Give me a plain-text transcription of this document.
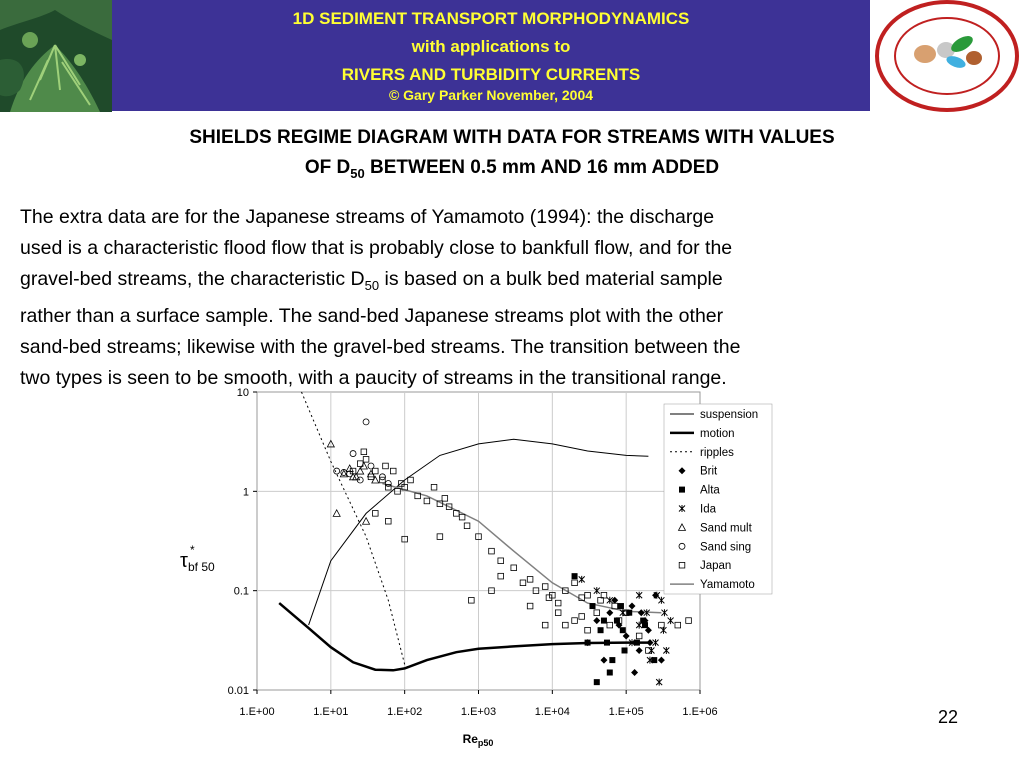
1D SEDIMENT TRANSPORT MORPHODYNAMICS
with applications to
RIVERS AND TURBIDITY CURRENTS
© Gary Parker November, 2004
SHIELDS REGIME DIAGRAM WITH DATA FOR STREAMS WITH VALUES
OF $D_{50}$ BETWEEN 0.5 mm AND 16 mm ADDED
The extra data are for the Japanese streams of Yamamoto (1994): the discharge
used is a characteristic flood flow that is probably close to bankfull flow, and for the
gravel-bed streams, the characteristic $D_{50}$ is based on a bulk bed material sample
rather than a surface sample. The sand-bed Japanese streams plot with the other
sand-bed streams; likewise with the gravel-bed streams. The transition between the
two types is seen to be smooth, with a paucity of streams in the transitional range.
1.E+00	1.E+01	1.E+02	1.E+03	1.E+04	1.E+05	1.E+06
0.01
0.1
1
10
$Re_{p50}$
τ *
bf 50
suspension
motion
ripples
Brit
Alta
Ida
Sand mult
Sand sing
Japan
Yamamoto
22
